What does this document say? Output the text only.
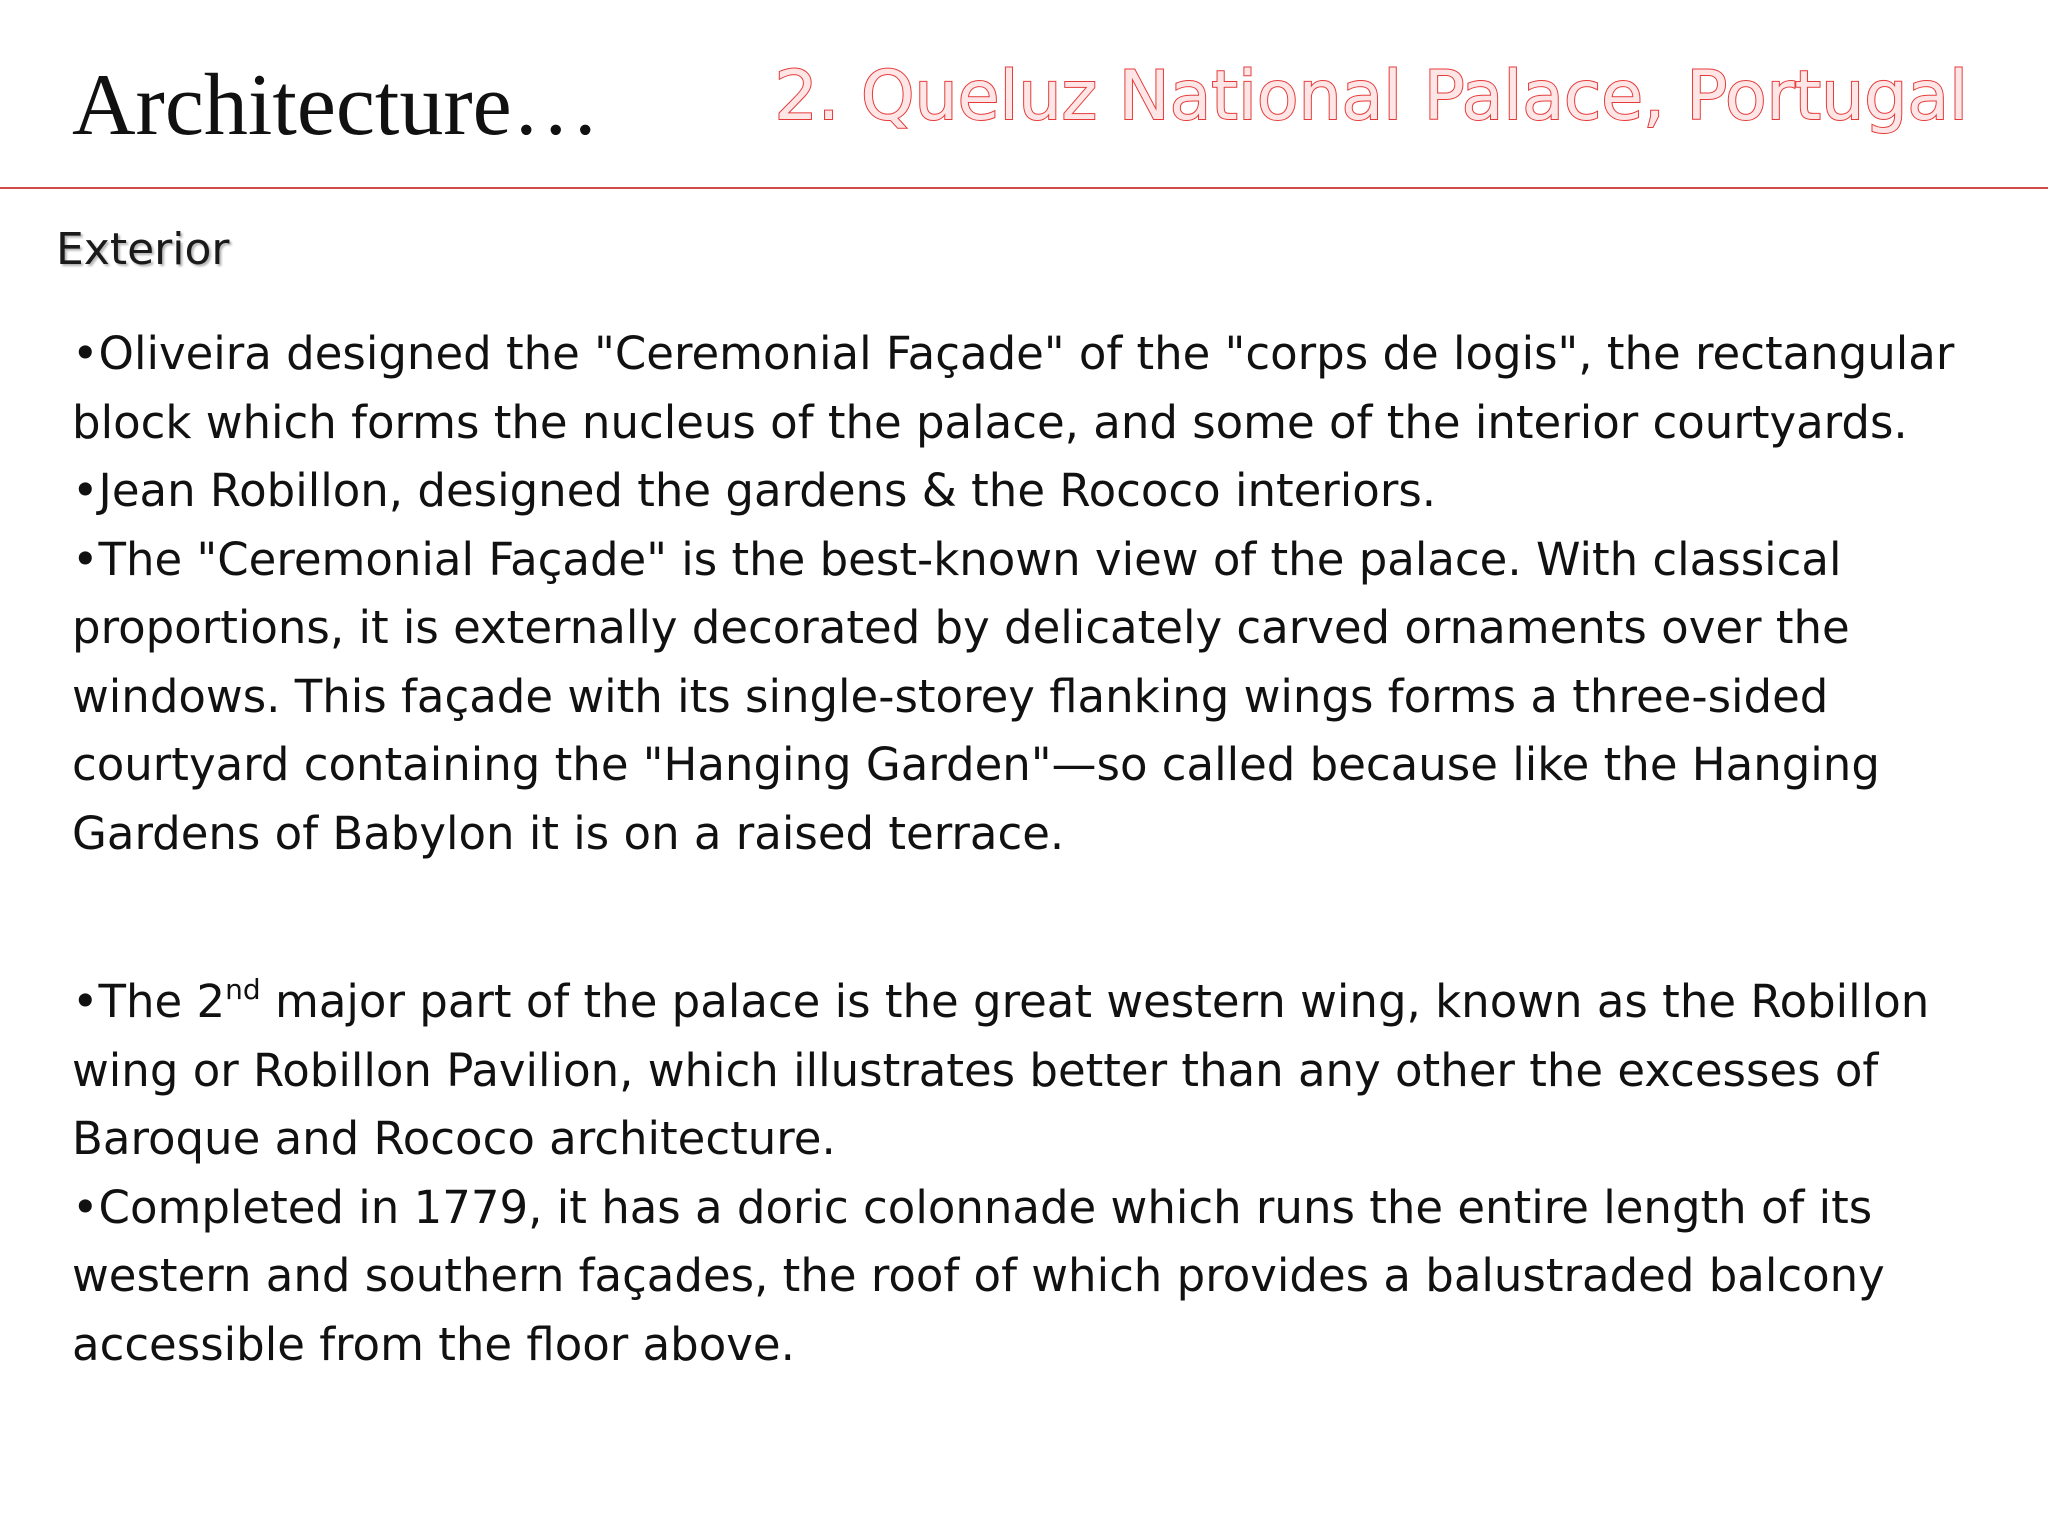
Architecture…	2. Queluz National Palace, Portugal
Exterior

•Oliveira designed the "Ceremonial Façade" of the "corps de logis", the rectangular block which forms the nucleus of the palace, and some of the interior courtyards.

•Jean Robillon, designed the gardens & the Rococo interiors.

•The "Ceremonial Façade" is the best-known view of the palace. With classical proportions, it is externally decorated by delicately carved ornaments over the windows. This façade with its single-storey flanking wings forms a three-sided courtyard containing the "Hanging Garden"—so called because like the Hanging Gardens of Babylon it is on a raised terrace.

•The 2nd major part of the palace is the great western wing, known as the Robillon wing or Robillon Pavilion, which illustrates better than any other the excesses of Baroque and Rococo architecture.

•Completed in 1779, it has a doric colonnade which runs the entire length of its western and southern façades, the roof of which provides a balustraded balcony accessible from the floor above.
